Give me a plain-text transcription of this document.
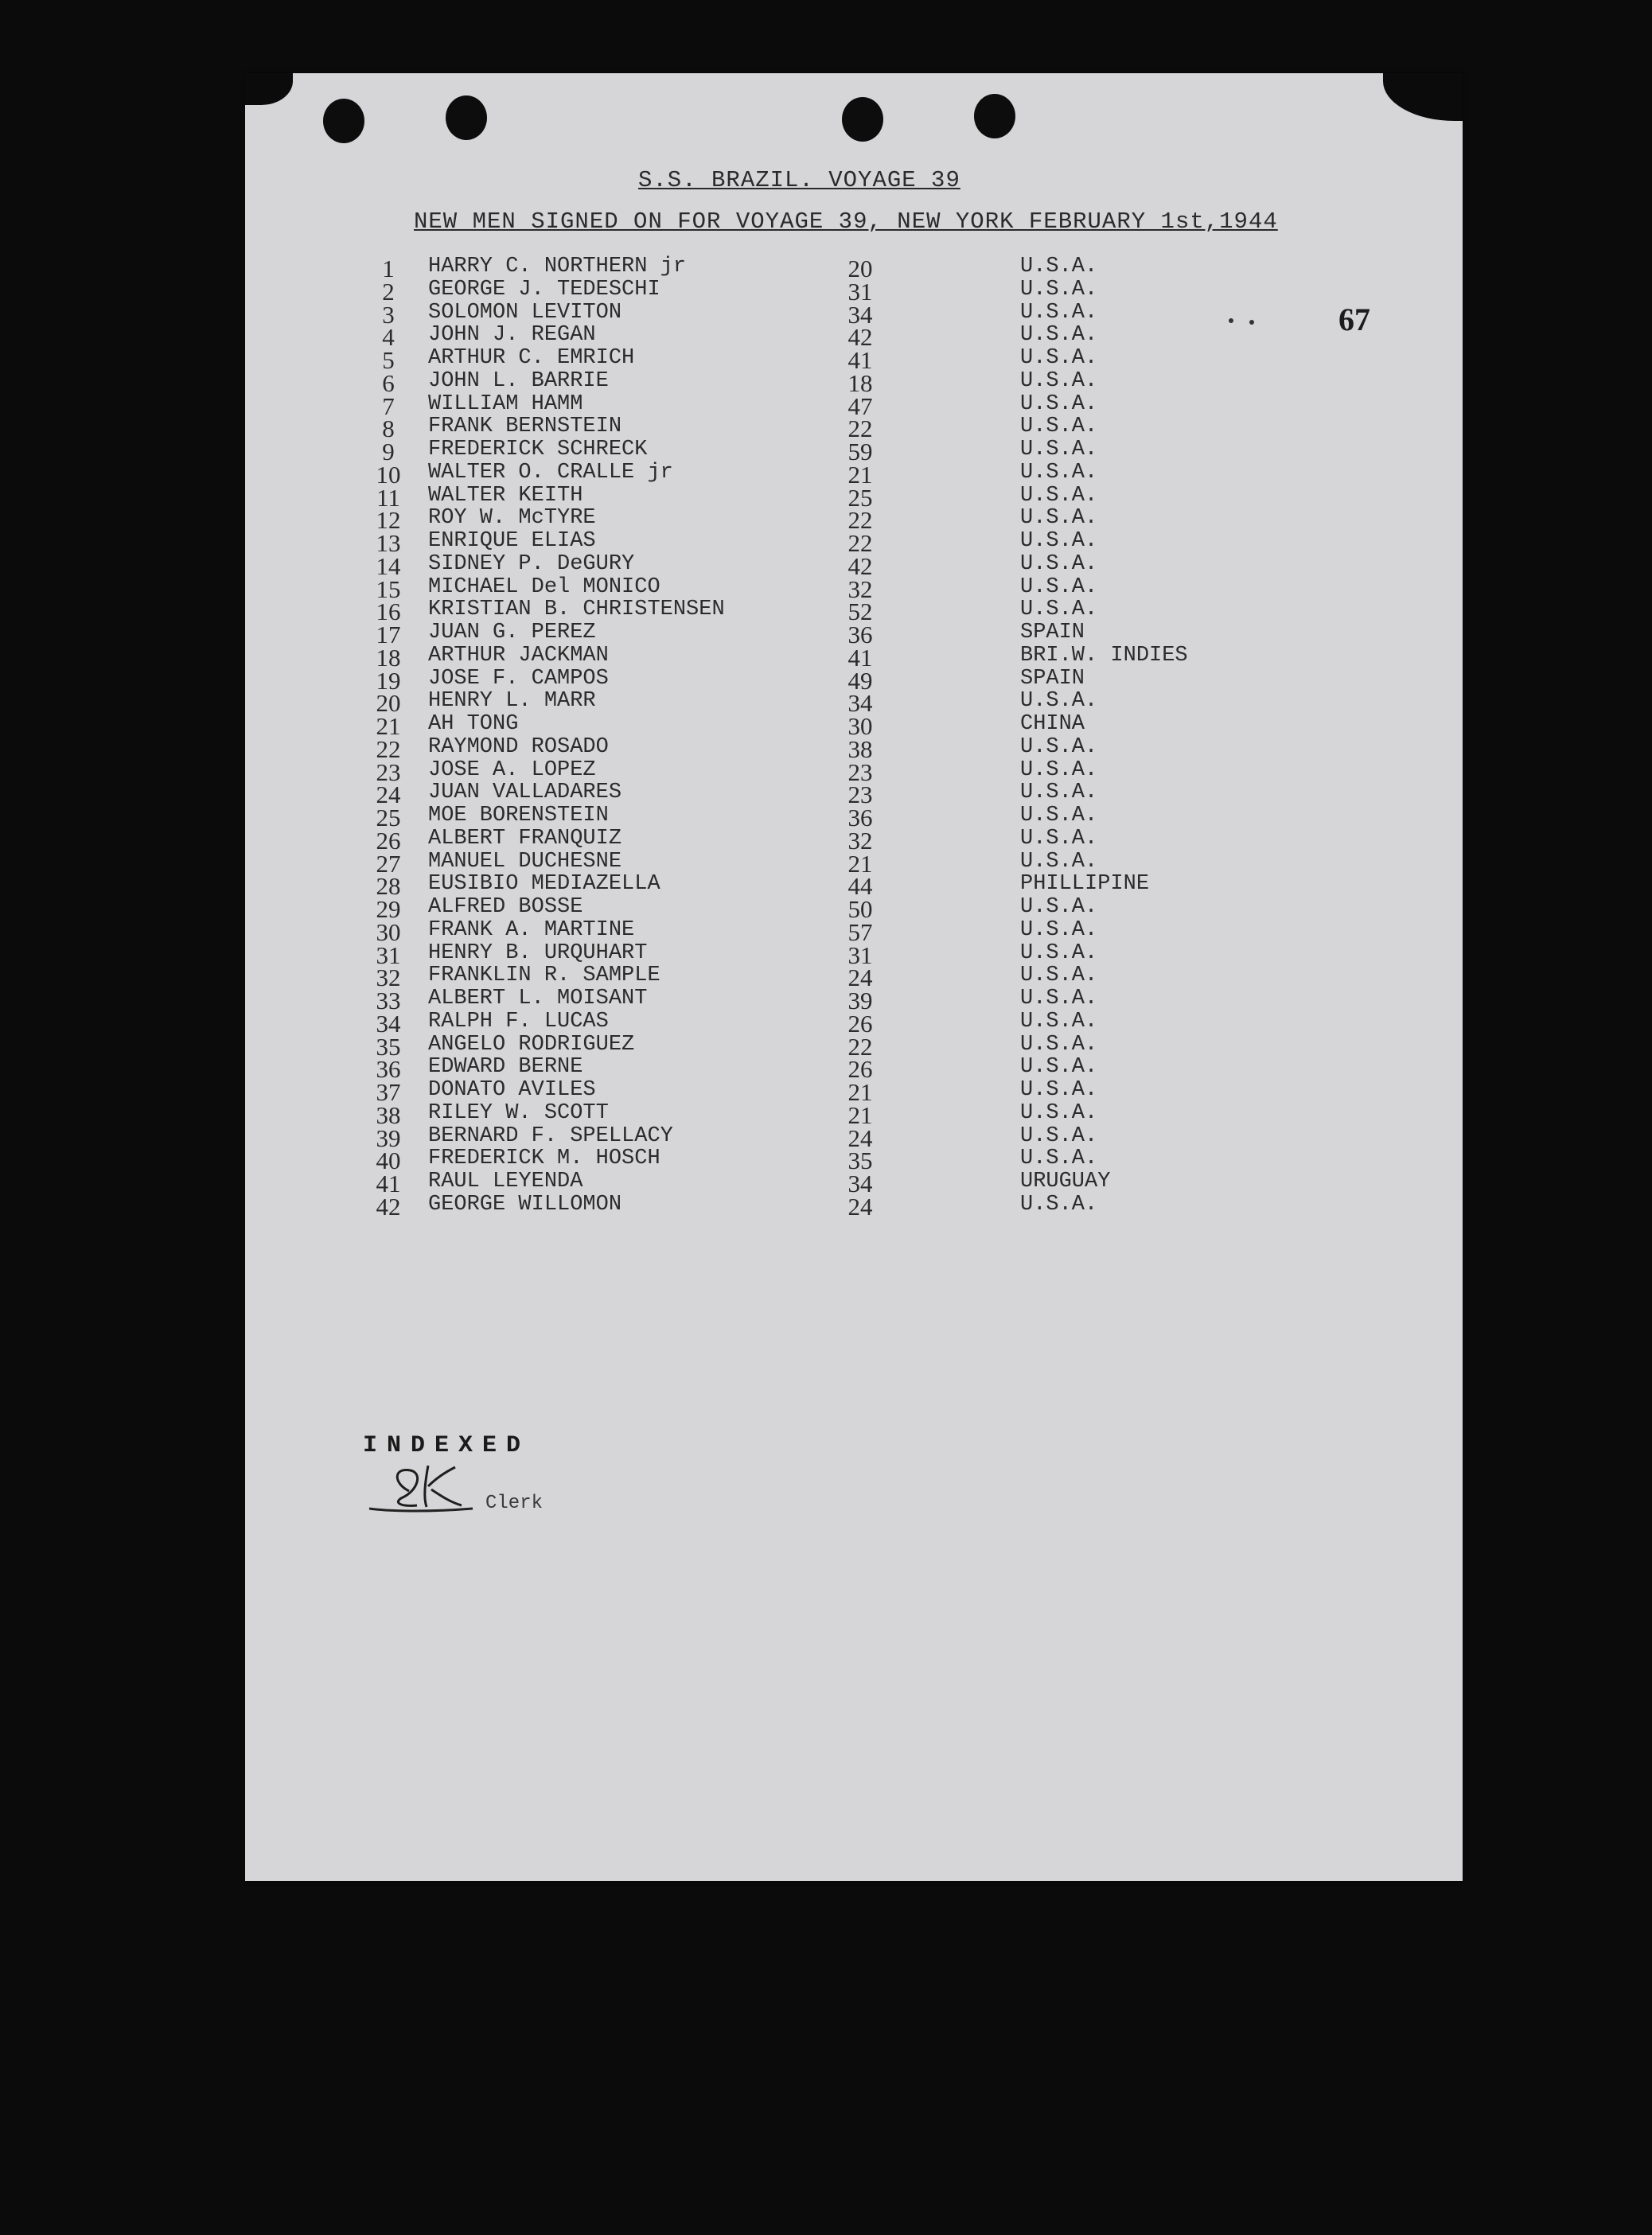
S.S. BRAZIL. VOYAGE 39
NEW MEN SIGNED ON FOR VOYAGE 39, NEW YORK FEBRUARY 1st,1944
67
1	HARRY C. NORTHERN jr	20	U.S.A.
2	GEORGE J. TEDESCHI	31	U.S.A.
3	SOLOMON LEVITON	34	U.S.A.
4	JOHN J. REGAN	42	U.S.A.
5	ARTHUR C. EMRICH	41	U.S.A.
6	JOHN L. BARRIE	18	U.S.A.
7	WILLIAM HAMM	47	U.S.A.
8	FRANK BERNSTEIN	22	U.S.A.
9	FREDERICK SCHRECK	59	U.S.A.
10	WALTER O. CRALLE jr	21	U.S.A.
11	WALTER KEITH	25	U.S.A.
12	ROY W. McTYRE	22	U.S.A.
13	ENRIQUE ELIAS	22	U.S.A.
14	SIDNEY P. DeGURY	42	U.S.A.
15	MICHAEL Del MONICO	32	U.S.A.
16	KRISTIAN B. CHRISTENSEN	52	U.S.A.
17	JUAN G. PEREZ	36	SPAIN
18	ARTHUR JACKMAN	41	BRI.W. INDIES
19	JOSE F. CAMPOS	49	SPAIN
20	HENRY L. MARR	34	U.S.A.
21	AH TONG	30	CHINA
22	RAYMOND ROSADO	38	U.S.A.
23	JOSE A. LOPEZ	23	U.S.A.
24	JUAN VALLADARES	23	U.S.A.
25	MOE BORENSTEIN	36	U.S.A.
26	ALBERT FRANQUIZ	32	U.S.A.
27	MANUEL DUCHESNE	21	U.S.A.
28	EUSIBIO MEDIAZELLA	44	PHILLIPINE
29	ALFRED BOSSE	50	U.S.A.
30	FRANK A. MARTINE	57	U.S.A.
31	HENRY B. URQUHART	31	U.S.A.
32	FRANKLIN R. SAMPLE	24	U.S.A.
33	ALBERT L. MOISANT	39	U.S.A.
34	RALPH F. LUCAS	26	U.S.A.
35	ANGELO RODRIGUEZ	22	U.S.A.
36	EDWARD BERNE	26	U.S.A.
37	DONATO AVILES	21	U.S.A.
38	RILEY W. SCOTT	21	U.S.A.
39	BERNARD F. SPELLACY	24	U.S.A.
40	FREDERICK M. HOSCH	35	U.S.A.
41	RAUL LEYENDA	34	URUGUAY
42	GEORGE WILLOMON	24	U.S.A.
INDEXED
Clerk
